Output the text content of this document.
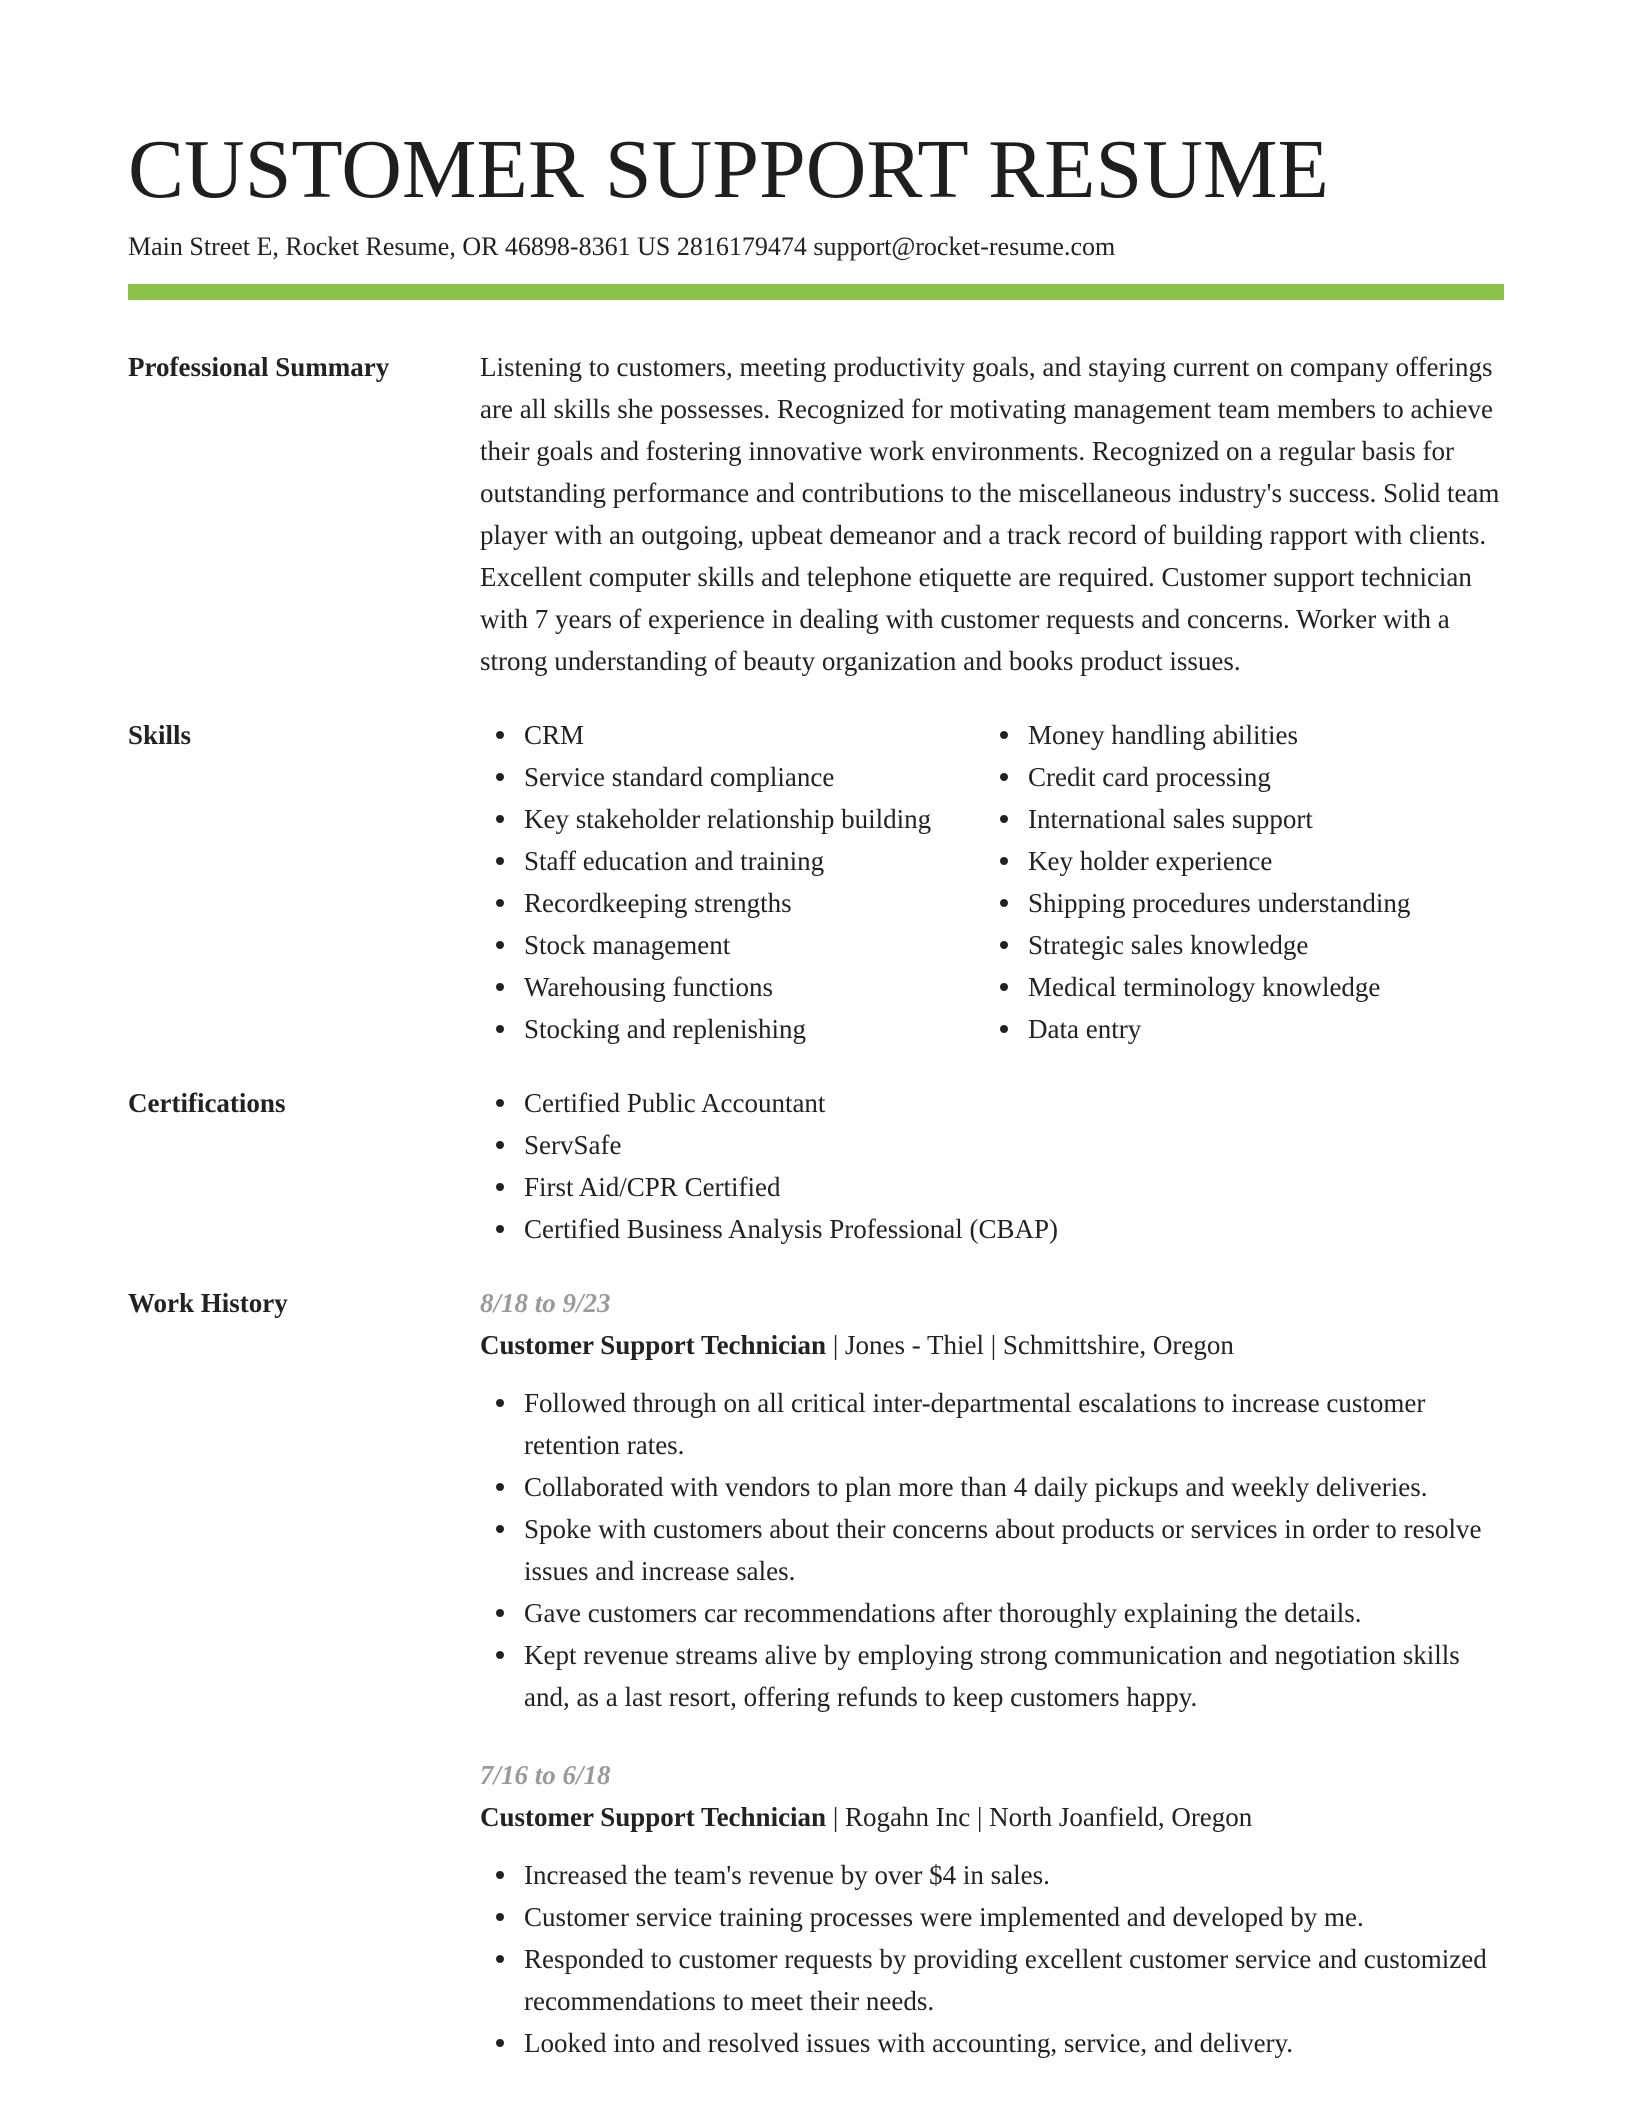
CUSTOMER SUPPORT RESUME
Main Street E, Rocket Resume, OR 46898-8361 US 2816179474 support@rocket-resume.com
Professional Summary	Listening to customers, meeting productivity goals, and staying current on company offerings are all skills she possesses. Recognized for motivating management team members to achieve their goals and fostering innovative work environments. Recognized on a regular basis for outstanding performance and contributions to the miscellaneous industry's success. Solid team player with an outgoing, upbeat demeanor and a track record of building rapport with clients. Excellent computer skills and telephone etiquette are required. Customer support technician with 7 years of experience in dealing with customer requests and concerns. Worker with a strong understanding of beauty organization and books product issues.
Skills	CRM
Service standard compliance
Key stakeholder relationship building
Staff education and training
Recordkeeping strengths
Stock management
Warehousing functions
Stocking and replenishing
Money handling abilities
Credit card processing
International sales support
Key holder experience
Shipping procedures understanding
Strategic sales knowledge
Medical terminology knowledge
Data entry
Certifications	Certified Public Accountant
ServSafe
First Aid/CPR Certified
Certified Business Analysis Professional (CBAP)
Work History	8/18 to 9/23
Customer Support Technician | Jones - Thiel | Schmittshire, Oregon
Followed through on all critical inter-departmental escalations to increase customer retention rates.
Collaborated with vendors to plan more than 4 daily pickups and weekly deliveries.
Spoke with customers about their concerns about products or services in order to resolve issues and increase sales.
Gave customers car recommendations after thoroughly explaining the details.
Kept revenue streams alive by employing strong communication and negotiation skills and, as a last resort, offering refunds to keep customers happy.
7/16 to 6/18
Customer Support Technician | Rogahn Inc | North Joanfield, Oregon
Increased the team's revenue by over $4 in sales.
Customer service training processes were implemented and developed by me.
Responded to customer requests by providing excellent customer service and customized recommendations to meet their needs.
Looked into and resolved issues with accounting, service, and delivery.
